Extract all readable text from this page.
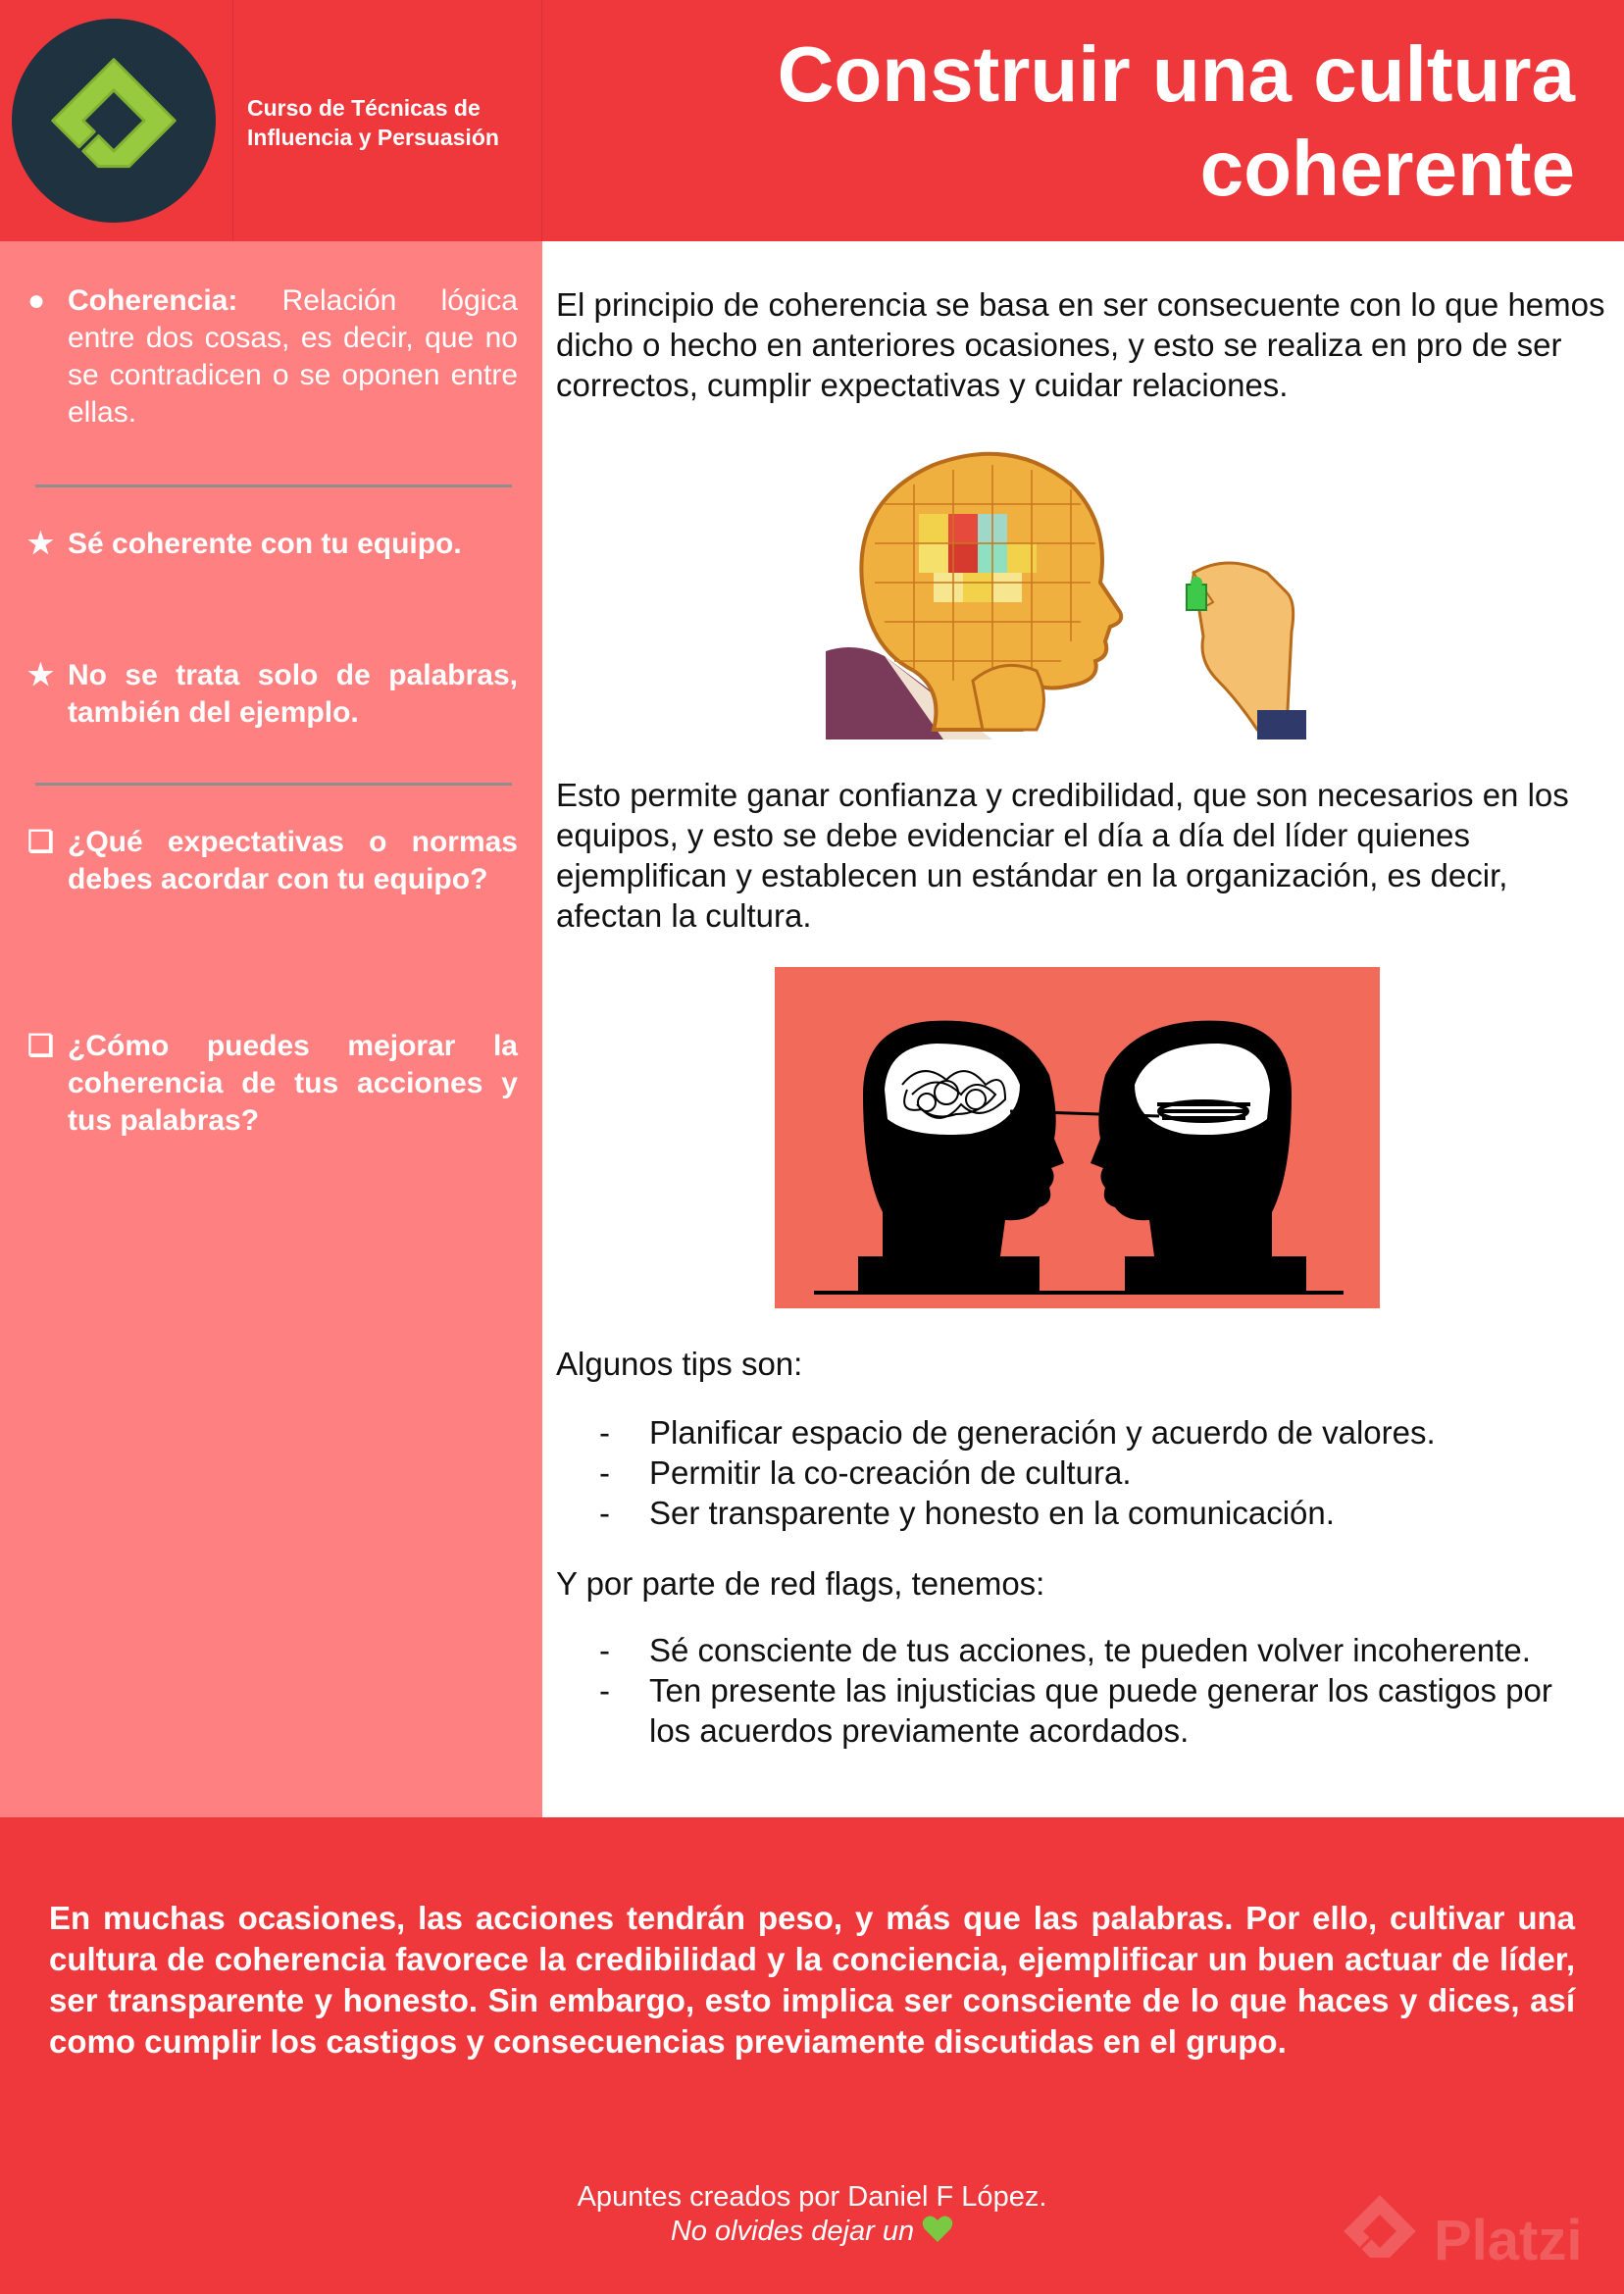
Curso de Técnicas de
Influencia y Persuasión
Construir una cultura
coherente
● Coherencia: Relación lógica entre dos cosas, es decir, que no se contradicen o se oponen entre ellas.
★ Sé coherente con tu equipo.
★ No se trata solo de palabras, también del ejemplo.
❏ ¿Qué expectativas o normas debes acordar con tu equipo?
❏ ¿Cómo puedes mejorar la coherencia de tus acciones y tus palabras?
El principio de coherencia se basa en ser consecuente con lo que hemos dicho o hecho en anteriores ocasiones, y esto se realiza en pro de ser correctos, cumplir expectativas y cuidar relaciones.
Esto permite ganar confianza y credibilidad, que son necesarios en los equipos, y esto se debe evidenciar el día a día del líder quienes ejemplifican y establecen un estándar en la organización, es decir, afectan la cultura.
Algunos tips son:
- Planificar espacio de generación y acuerdo de valores.
- Permitir la co-creación de cultura.
- Ser transparente y honesto en la comunicación.
Y por parte de red flags, tenemos:
- Sé consciente de tus acciones, te pueden volver incoherente.
- Ten presente las injusticias que puede generar los castigos por los acuerdos previamente acordados.
En muchas ocasiones, las acciones tendrán peso, y más que las palabras. Por ello, cultivar una cultura de coherencia favorece la credibilidad y la conciencia, ejemplificar un buen actuar de líder, ser transparente y honesto. Sin embargo, esto implica ser consciente de lo que haces y dices, así como cumplir los castigos y consecuencias previamente discutidas en el grupo.
Apuntes creados por Daniel F López.
No olvides dejar un	Platzi
